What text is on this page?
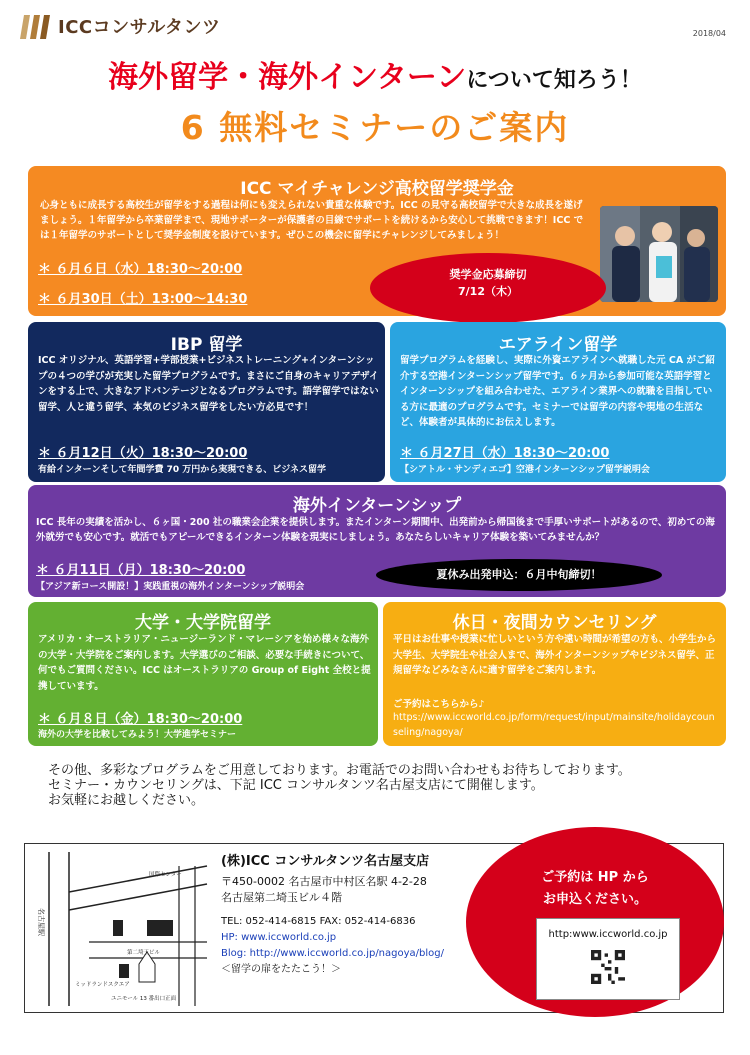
ICCコンサルタンツ	2018/04
海外留学・海外インターンについて知ろう！
6 無料セミナーのご案内
ICC マイチャレンジ高校留学奨学金
心身ともに成長する高校生が留学をする過程は何にも変えられない貴重な体験です。ICC の見守る高校留学で大きな成長を遂げましょう。１年留学から卒業留学まで、現地サポーターが保護者の目線でサポートを続けるから安心して挑戦できます！ICC では１年留学のサポートとして奨学金制度を設けています。ぜひこの機会に留学にチャレンジしてみましょう！
＊ ６月６日（水）18:30～20:00
＊ ６月30日（土）13:00～14:30
奨学金応募締切
7/12（木）
IBP 留学
ICC オリジナル、英語学習+学部授業+ビジネストレーニング+インターンシップの４つの学びが充実した留学プログラムです。まさにご自身のキャリアデザインをする上で、大きなアドバンテージとなるプログラムです。語学留学ではない留学、人と違う留学、本気のビジネス留学をしたい方必見です！
＊ ６月12日（火）18:30～20:00
有給インターンそして年間学費 70 万円から実現できる、ビジネス留学
エアライン留学
留学プログラムを経験し、実際に外資エアラインへ就職した元 CA がご紹介する空港インターンシップ留学です。６ヶ月から参加可能な英語学習とインターンシップを組み合わせた、エアライン業界への就職を目指している方に最適のプログラムです。セミナーでは留学の内容や現地の生活など、体験者が具体的にお伝えします。
＊ ６月27日（水）18:30～20:00
【シアトル・サンディエゴ】空港インターンシップ留学説明会
海外インターンシップ
ICC 長年の実績を活かし、６ヶ国・200 社の職業会企業を提供します。またインターン期間中、出発前から帰国後まで手厚いサポートがあるので、初めての海外就労でも安心です。就活でもアピールできるインターン体験を現実にしましょう。あなたらしいキャリア体験を築いてみませんか？
＊ ６月11日（月）18:30～20:00
【アジア新コース開設！】実践重視の海外インターンシップ説明会
夏休み出発申込：６月中旬締切！
大学・大学院留学
アメリカ・オーストラリア・ニュージーランド・マレーシアを始め様々な海外の大学・大学院をご案内します。大学選びのご相談、必要な手続きについて、何でもご質問ください。ICC はオーストラリアの Group of Eight 全校と提携しています。
＊ ６月８日（金）18:30～20:00
海外の大学を比較してみよう！大学進学セミナー
休日・夜間カウンセリング
平日はお仕事や授業に忙しいという方や遠い時間が希望の方も、小学生から大学生、大学院生や社会人まで、海外インターンシップやビジネス留学、正規留学などみなさんに適す留学をご案内します。
ご予約はこちらから♪
https://www.iccworld.co.jp/form/request/input/mainsite/holidaycounseling/nagoya/
その他、多彩なプログラムをご用意しております。お電話でのお問い合わせもお待ちしております。
セミナー・カウンセリングは、下記 ICC コンサルタンツ名古屋支店にて開催します。
お気軽にお越しください。
名古屋駅
国際センター
第二埼玉ビル
ミッドランドスクエア
ユニモール 13 番出口正面
(株)ICC コンサルタンツ名古屋支店
〒450-0002 名古屋市中村区名駅 4-2-28
名古屋第二埼玉ビル４階
TEL: 052-414-6815 FAX: 052-414-6836
HP: www.iccworld.co.jp
Blog: http://www.iccworld.co.jp/nagoya/blog/
＜留学の扉をたたこう！＞
ご予約は HP から
お申込ください。
http:www.iccworld.co.jp
